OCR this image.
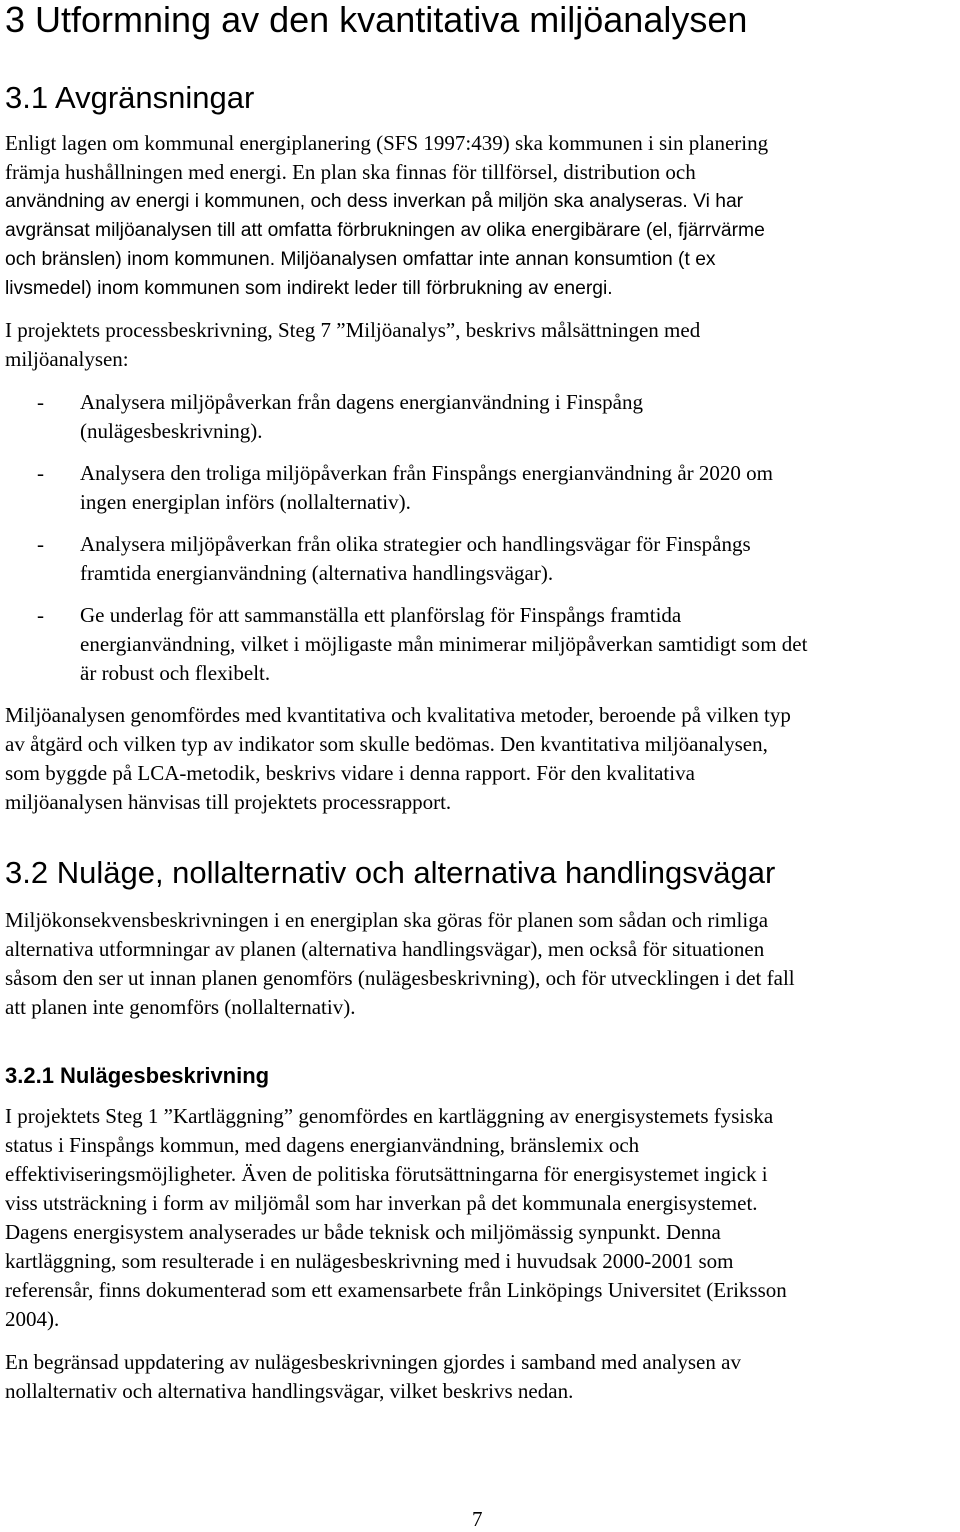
3 Utformning av den kvantitativa miljöanalysen
3.1 Avgränsningar
Enligt lagen om kommunal energiplanering (SFS 1997:439) ska kommunen i sin planering
främja hushållningen med energi. En plan ska finnas för tillförsel, distribution och
användning av energi i kommunen, och dess inverkan på miljön ska analyseras. Vi har
avgränsat miljöanalysen till att omfatta förbrukningen av olika energibärare (el, fjärrvärme
och bränslen) inom kommunen. Miljöanalysen omfattar inte annan konsumtion (t ex
livsmedel) inom kommunen som indirekt leder till förbrukning av energi.
I projektets processbeskrivning, Steg 7 ”Miljöanalys”, beskrivs målsättningen med
miljöanalysen:
- Analysera miljöpåverkan från dagens energianvändning i Finspång
(nulägesbeskrivning).
- Analysera den troliga miljöpåverkan från Finspångs energianvändning år 2020 om
ingen energiplan införs (nollalternativ).
- Analysera miljöpåverkan från olika strategier och handlingsvägar för Finspångs
framtida energianvändning (alternativa handlingsvägar).
- Ge underlag för att sammanställa ett planförslag för Finspångs framtida
energianvändning, vilket i möjligaste mån minimerar miljöpåverkan samtidigt som det
är robust och flexibelt.
Miljöanalysen genomfördes med kvantitativa och kvalitativa metoder, beroende på vilken typ
av åtgärd och vilken typ av indikator som skulle bedömas. Den kvantitativa miljöanalysen,
som byggde på LCA-metodik, beskrivs vidare i denna rapport. För den kvalitativa
miljöanalysen hänvisas till projektets processrapport.
3.2 Nuläge, nollalternativ och alternativa handlingsvägar
Miljökonsekvensbeskrivningen i en energiplan ska göras för planen som sådan och rimliga
alternativa utformningar av planen (alternativa handlingsvägar), men också för situationen
såsom den ser ut innan planen genomförs (nulägesbeskrivning), och för utvecklingen i det fall
att planen inte genomförs (nollalternativ).
3.2.1 Nulägesbeskrivning
I projektets Steg 1 ”Kartläggning” genomfördes en kartläggning av energisystemets fysiska
status i Finspångs kommun, med dagens energianvändning, bränslemix och
effektiviseringsmöjligheter. Även de politiska förutsättningarna för energisystemet ingick i
viss utsträckning i form av miljömål som har inverkan på det kommunala energisystemet.
Dagens energisystem analyserades ur både teknisk och miljömässig synpunkt. Denna
kartläggning, som resulterade i en nulägesbeskrivning med i huvudsak 2000-2001 som
referensår, finns dokumenterad som ett examensarbete från Linköpings Universitet (Eriksson
2004).
En begränsad uppdatering av nulägesbeskrivningen gjordes i samband med analysen av
nollalternativ och alternativa handlingsvägar, vilket beskrivs nedan.
7
